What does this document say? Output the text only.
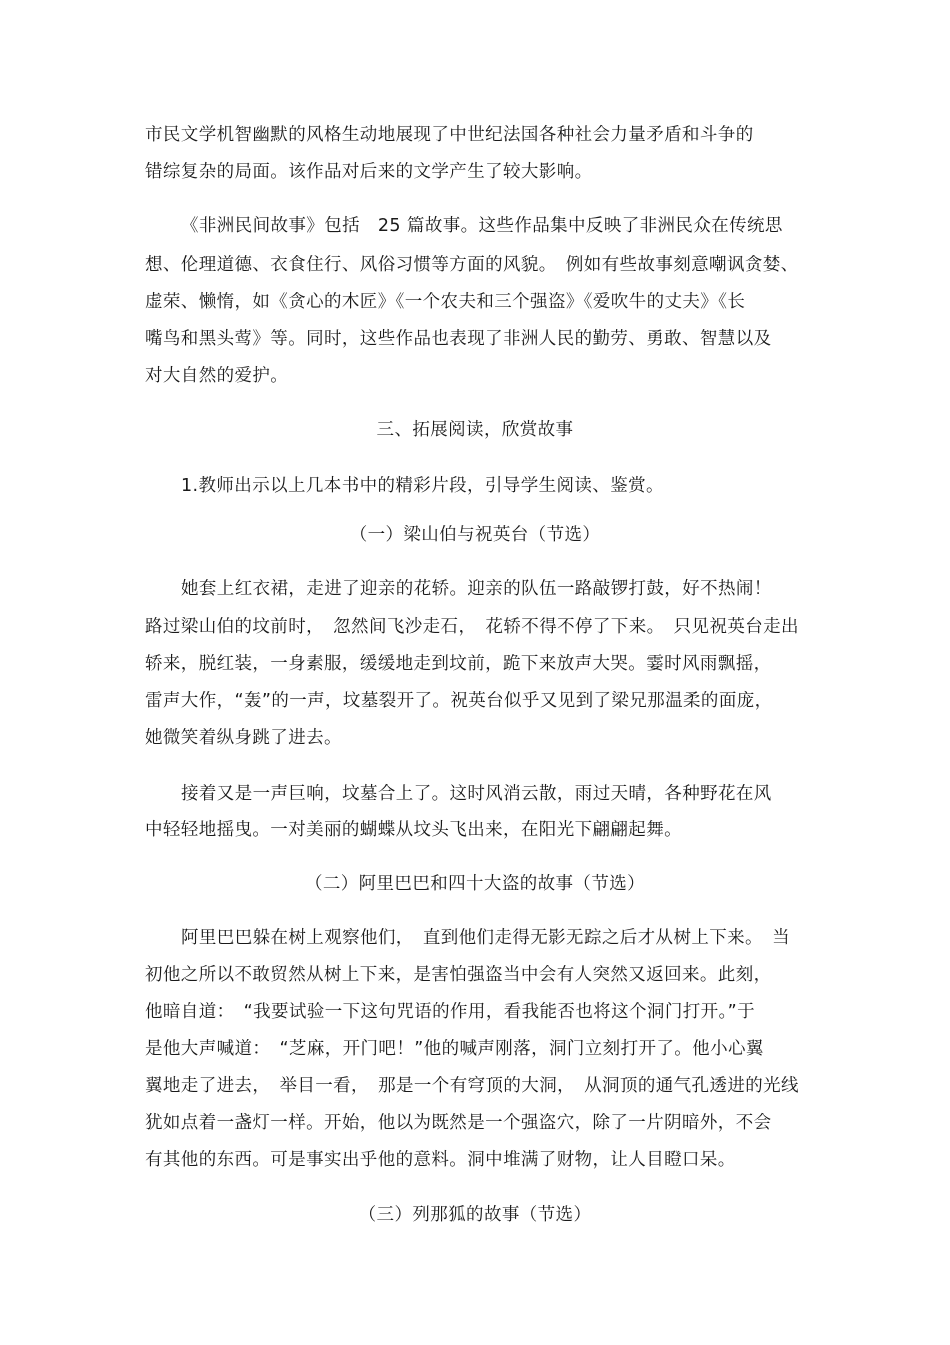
市民文学机智幽默的风格生动地展现了中世纪法国各种社会力量矛盾和斗争的
错综复杂的局面。该作品对后来的文学产生了较大影响。
《非洲民间故事》包括　25 篇故事。这些作品集中反映了非洲民众在传统思
想、伦理道德、衣食住行、风俗习惯等方面的风貌。　例如有些故事刻意嘲讽贪婪、
虚荣、懒惰，如《贪心的木匠》《一个农夫和三个强盗》《爱吹牛的丈夫》《长
嘴鸟和黑头莺》等。同时，这些作品也表现了非洲人民的勤劳、勇敢、智慧以及
对大自然的爱护。
三、拓展阅读，欣赏故事
1.教师出示以上几本书中的精彩片段，引导学生阅读、鉴赏。
（一）梁山伯与祝英台（节选）
她套上红衣裙，走进了迎亲的花轿。迎亲的队伍一路敲锣打鼓，好不热闹！
路过梁山伯的坟前时，　忽然间飞沙走石，　花轿不得不停了下来。　只见祝英台走出
轿来，脱红装，一身素服，缓缓地走到坟前，跪下来放声大哭。霎时风雨飘摇，
雷声大作，“轰”的一声，坟墓裂开了。祝英台似乎又见到了梁兄那温柔的面庞，
她微笑着纵身跳了进去。
接着又是一声巨响，坟墓合上了。这时风消云散，雨过天晴，各种野花在风
中轻轻地摇曳。一对美丽的蝴蝶从坟头飞出来，在阳光下翩翩起舞。
（二）阿里巴巴和四十大盗的故事（节选）
阿里巴巴躲在树上观察他们，　直到他们走得无影无踪之后才从树上下来。　当
初他之所以不敢贸然从树上下来，是害怕强盗当中会有人突然又返回来。此刻，
他暗自道：　“我要试验一下这句咒语的作用，看我能否也将这个洞门打开。”于
是他大声喊道：　“芝麻，开门吧！”他的喊声刚落，洞门立刻打开了。他小心翼
翼地走了进去，　举目一看，　那是一个有穹顶的大洞，　从洞顶的通气孔透进的光线
犹如点着一盏灯一样。开始，他以为既然是一个强盗穴，除了一片阴暗外，不会
有其他的东西。可是事实出乎他的意料。洞中堆满了财物，让人目瞪口呆。
（三）列那狐的故事（节选）
